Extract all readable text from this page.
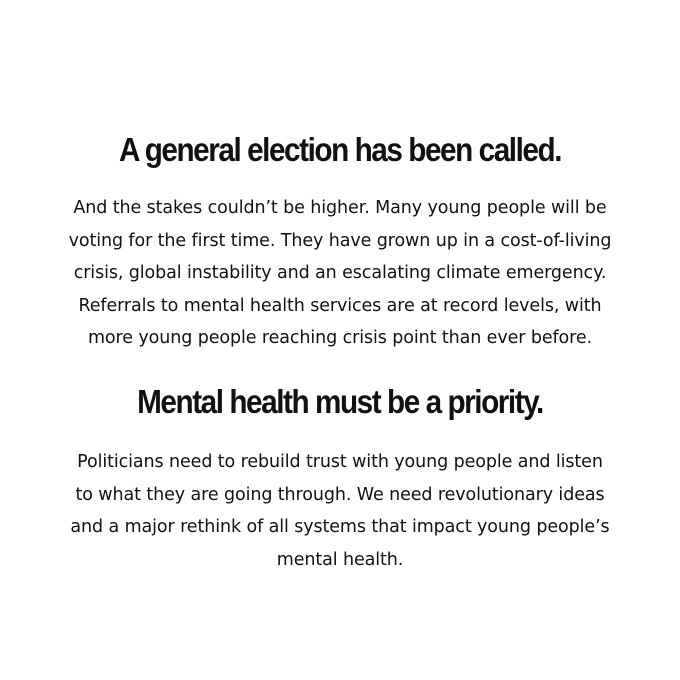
A general election has been called.

And the stakes couldn’t be higher. Many young people will be
voting for the first time. They have grown up in a cost-of-living
crisis, global instability and an escalating climate emergency.
Referrals to mental health services are at record levels, with
more young people reaching crisis point than ever before.

Mental health must be a priority.

Politicians need to rebuild trust with young people and listen
to what they are going through. We need revolutionary ideas
and a major rethink of all systems that impact young people’s
mental health.
